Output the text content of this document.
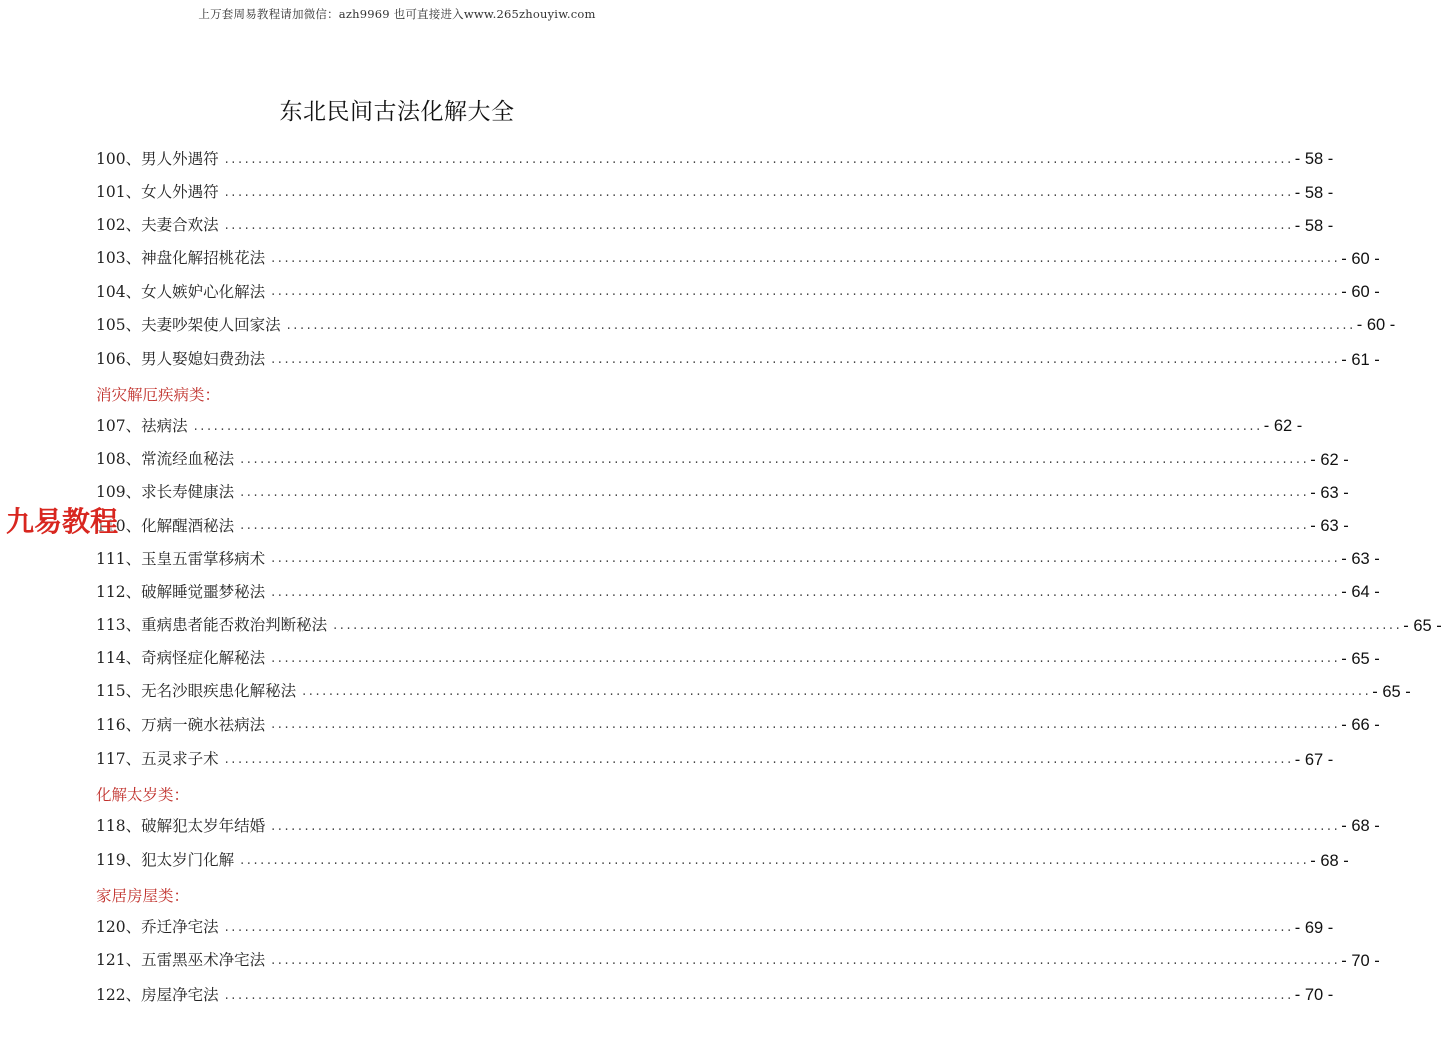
上万套周易教程请加微信：azh9969 也可直接进入www.265zhouyiw.com
东北民间古法化解大全
100、男人外遇符 ................................................................................................................................................................ - 58 -
101、女人外遇符 ................................................................................................................................................................ - 58 -
102、夫妻合欢法 ................................................................................................................................................................ - 58 -
103、神盘化解招桃花法 ................................................................................................................................................................ - 60 -
104、女人嫉妒心化解法 ................................................................................................................................................................ - 60 -
105、夫妻吵架使人回家法 ................................................................................................................................................................ - 60 -
106、男人娶媳妇费劲法 ................................................................................................................................................................ - 61 -
消灾解厄疾病类：
107、祛病法 ................................................................................................................................................................ - 62 -
108、常流经血秘法 ................................................................................................................................................................ - 62 -
109、求长寿健康法 ................................................................................................................................................................ - 63 -
110、化解醒酒秘法 ................................................................................................................................................................ - 63 -
111、玉皇五雷掌移病术 ................................................................................................................................................................ - 63 -
112、破解睡觉噩梦秘法 ................................................................................................................................................................ - 64 -
113、重病患者能否救治判断秘法 ................................................................................................................................................................ - 65 -
114、奇病怪症化解秘法 ................................................................................................................................................................ - 65 -
115、无名沙眼疾患化解秘法 ................................................................................................................................................................ - 65 -
116、万病一碗水祛病法 ................................................................................................................................................................ - 66 -
117、五灵求子术 ................................................................................................................................................................ - 67 -
化解太岁类：
118、破解犯太岁年结婚 ................................................................................................................................................................ - 68 -
119、犯太岁门化解 ................................................................................................................................................................ - 68 -
家居房屋类：
120、乔迁净宅法 ................................................................................................................................................................ - 69 -
121、五雷黑巫术净宅法 ................................................................................................................................................................ - 70 -
122、房屋净宅法 ................................................................................................................................................................ - 70 -
九易教程
